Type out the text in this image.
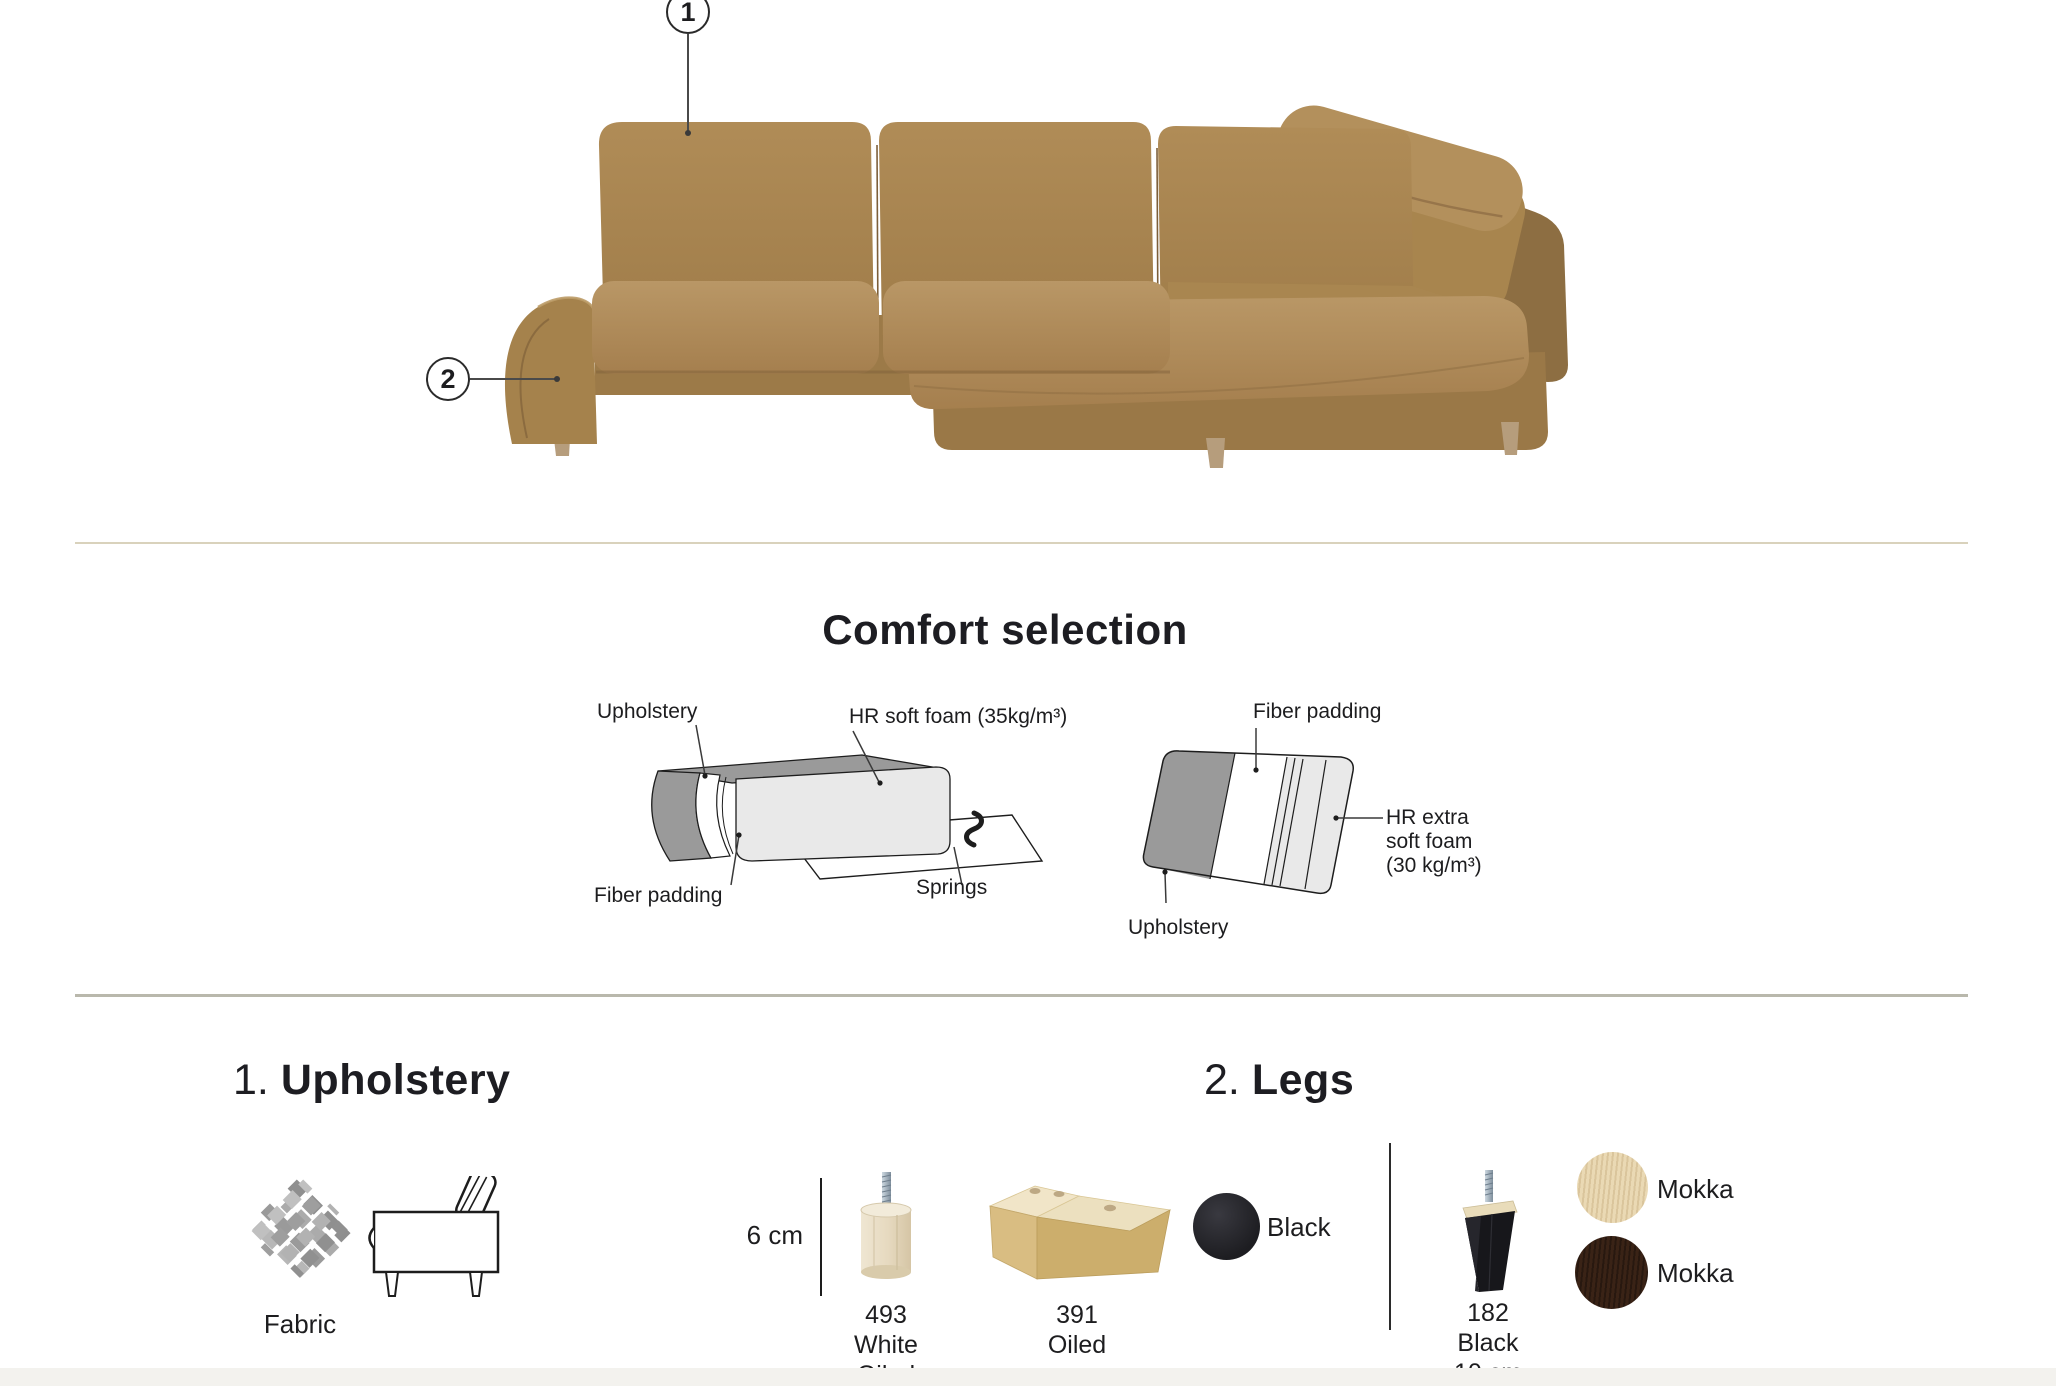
1
2
Comfort selection
Upholstery	HR soft foam (35kg/m³)
Fiber padding	Springs
Fiber padding
HR extra
soft foam
(30 kg/m³)
Upholstery
1. Upholstery
Fabric
2. Legs
6 cm
493
White
391
Oiled
Black
182
Black
Mokka
Mokka
